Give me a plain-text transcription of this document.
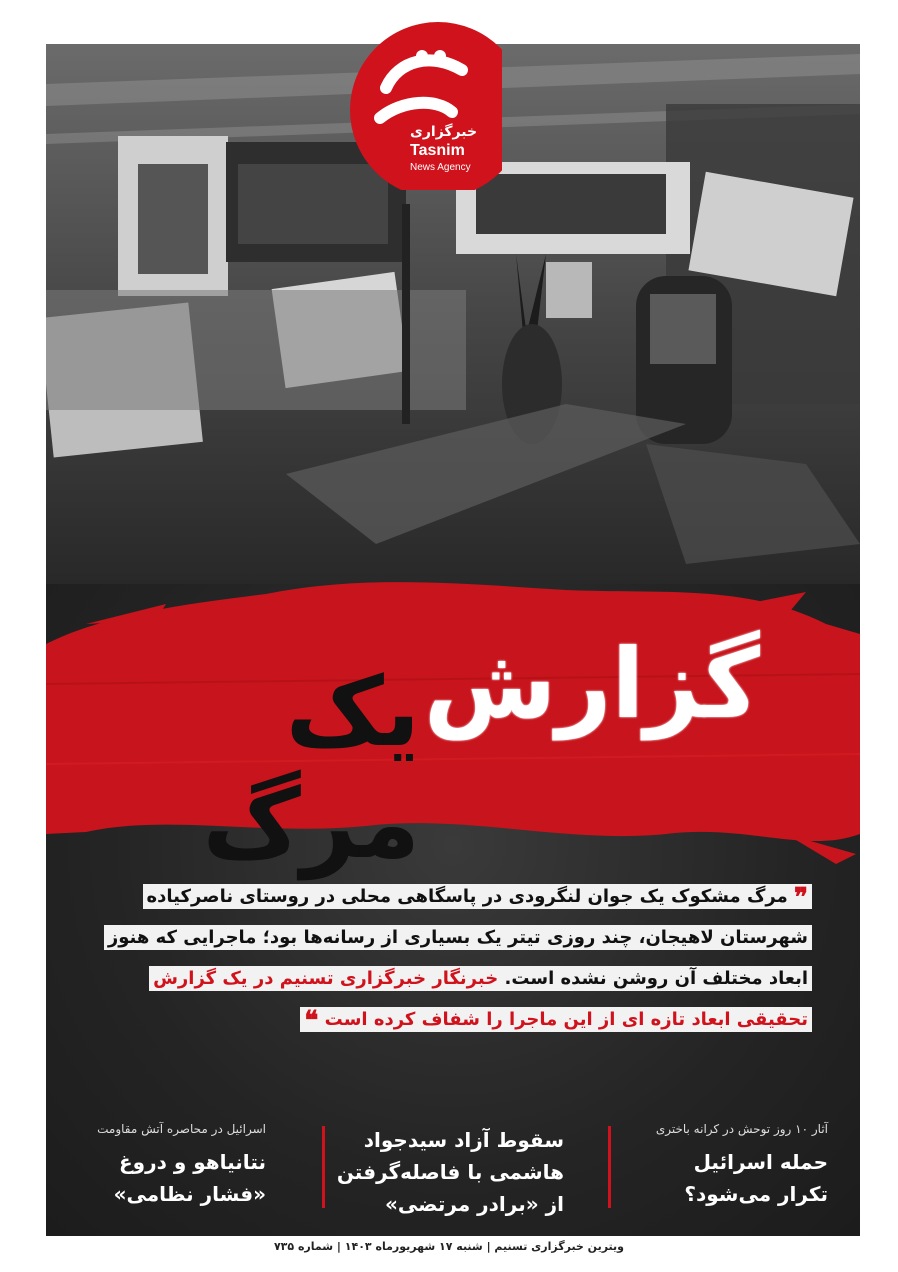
خبرگزاری
Tasnim
News Agency
گزارش
یک مرگ
❞ مرگ مشکوک یک جوان لنگرودی در پاسگاهی محلی در روستای ناصرکیاده
شهرستان لاهیجان، چند روزی تیتر یک بسیاری از رسانه‌ها بود؛ ماجرایی که هنوز
ابعاد مختلف آن روشن نشده است. خبرنگار خبرگزاری تسنیم در یک گزارش
تحقیقی ابعاد تازه ای از این ماجرا را شفاف کرده است ❝
آثار ۱۰ روز توحش در کرانه باختری
حمله اسرائیل
تکرار می‌شود؟
سقوط آزاد سیدجواد
هاشمی با فاصله‌گرفتن
از «برادر مرتضی»
اسرائیل در محاصره آتش مقاومت
نتانیاهو و دروغ
«فشار نظامی»
ویترین خبرگزاری تسنیم | شنبه ۱۷ شهریورماه ۱۴۰۳ | شماره ۷۳۵
